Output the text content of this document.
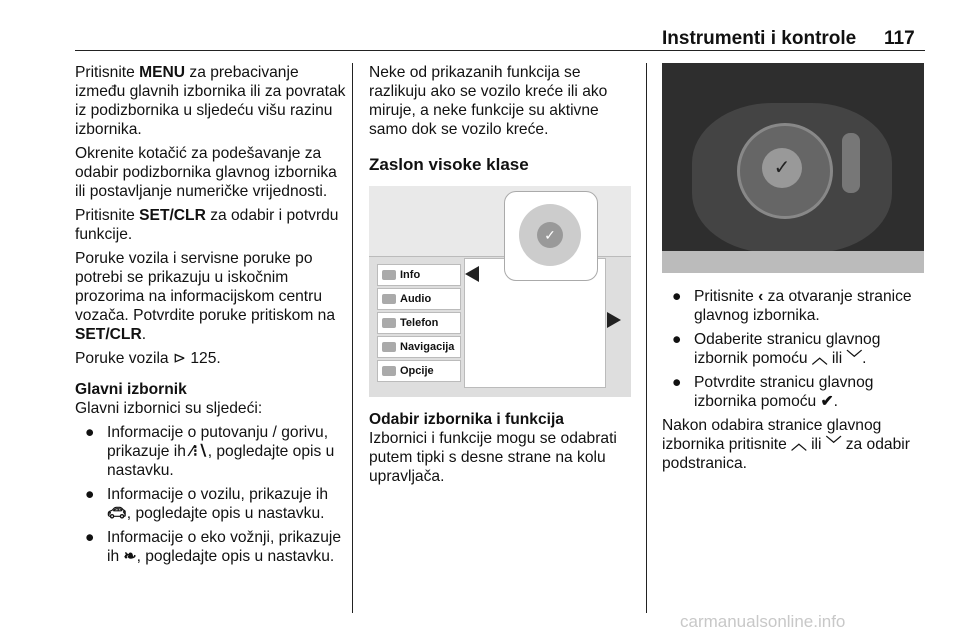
Instrumenti i kontrole 117

Pritisnite MENU za prebacivanje između glavnih izbornika ili za povratak iz podizbornika u sljedeću višu razinu izbornika.

Okrenite kotačić za podešavanje za odabir podizbornika glavnog izbornika ili postavljanje numeričke vrijednosti.

Pritisnite SET/CLR za odabir i potvrdu funkcije.

Poruke vozila i servisne poruke po potrebi se prikazuju u iskočnim prozorima na informacijskom centru vozača. Potvrdite poruke pritiskom na SET/CLR.

Poruke vozila ⊳ 125.

Glavni izbornik

Glavni izbornici su sljedeći:

● Informacije o putovanju / gorivu, prikazuje ih ⁄⁝∖, pogledajte opis u nastavku.
● Informacije o vozilu, prikazuje ih 🚗︎, pogledajte opis u nastavku.
● Informacije o eko vožnji, prikazuje ih ❧, pogledajte opis u nastavku.

Neke od prikazanih funkcija se razlikuju ako se vozilo kreće ili ako miruje, a neke funkcije su aktivne samo dok se vozilo kreće.

Zaslon visoke klase
Info
Audio
Telefon
Navigacija
Opcije
✓
Odabir izbornika i funkcija

Izbornici i funkcije mogu se odabrati putem tipki s desne strane na kolu upravljača.

✓
● Pritisnite ‹ za otvaranje stranice glavnog izbornika.
● Odaberite stranicu glavnog izbornik pomoću ︿ ili ﹀.
● Potvrdite stranicu glavnog izbornika pomoću ✔.

Nakon odabira stranice glavnog izbornika pritisnite ︿ ili ﹀ za odabir podstranica.

carmanualsonline.info
